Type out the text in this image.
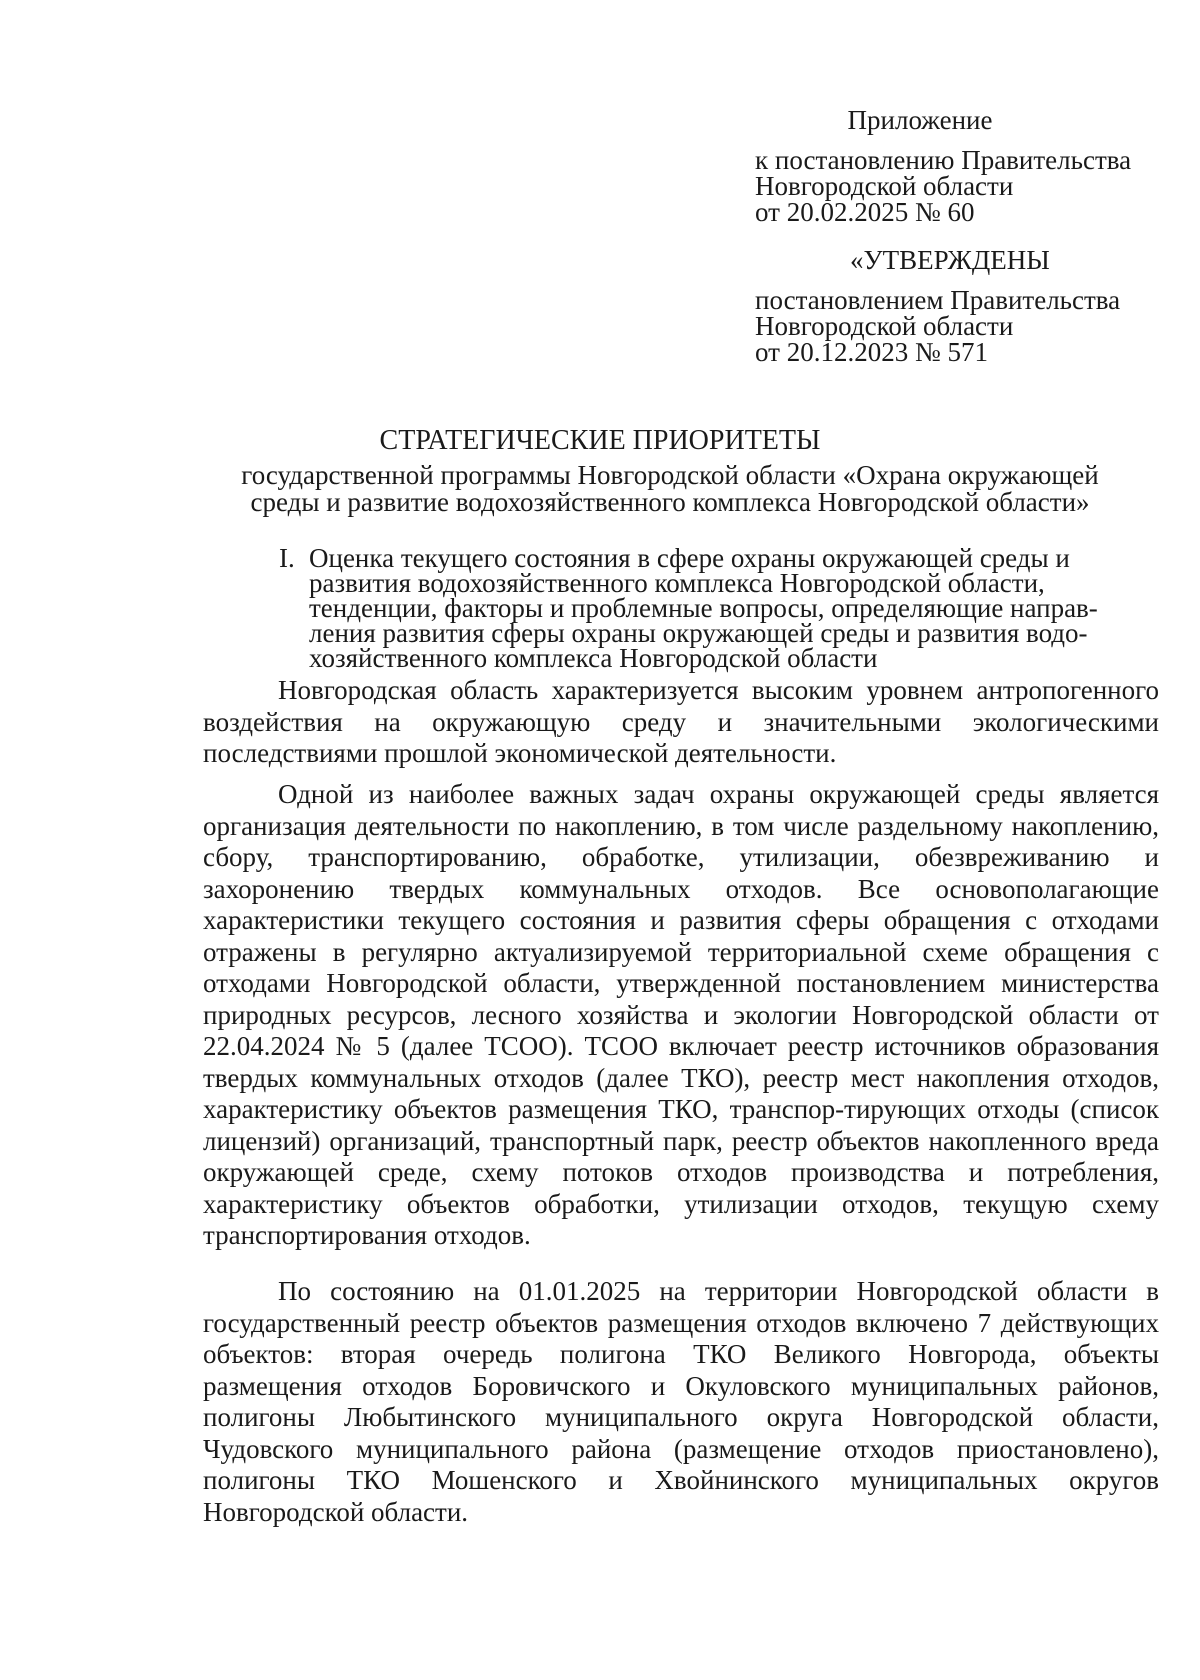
Приложение
к постановлению Правительства
Новгородской области
от 20.02.2025 № 60
«УТВЕРЖДЕНЫ
постановлением Правительства
Новгородской области
от 20.12.2023 № 571
СТРАТЕГИЧЕСКИЕ ПРИОРИТЕТЫ
государственной программы Новгородской области «Охрана окружающей
среды и развитие водохозяйственного комплекса Новгородской области»
I. Оценка текущего состояния в сфере охраны окружающей среды и
развития водохозяйственного комплекса Новгородской области,
тенденции, факторы и проблемные вопросы, определяющие направ-
ления развития сферы охраны окружающей среды и развития водо-
хозяйственного комплекса Новгородской области

Новгородская область характеризуется высоким уровнем антропогенного воздействия на окружающую среду и значительными экологическими последствиями прошлой экономической деятельности.

Одной из наиболее важных задач охраны окружающей среды является организация деятельности по накоплению, в том числе раздельному накоплению, сбору, транспортированию, обработке, утилизации, обезвреживанию и захоронению твердых коммунальных отходов. Все основополагающие характеристики текущего состояния и развития сферы обращения с отходами отражены в регулярно актуализируемой территориальной схеме обращения с отходами Новгородской области, утвержденной постановлением министерства природных ресурсов, лесного хозяйства и экологии Новгородской области от 22.04.2024 № 5 (далее ТСОО). ТСОО включает реестр источников образования твердых коммунальных отходов (далее ТКО), реестр мест накопления отходов, характеристику объектов размещения ТКО, транспор-тирующих отходы (список лицензий) организаций, транспортный парк, реестр объектов накопленного вреда окружающей среде, схему потоков отходов производства и потребления, характеристику объектов обработки, утилизации отходов, текущую схему транспортирования отходов.

По состоянию на 01.01.2025 на территории Новгородской области в государственный реестр объектов размещения отходов включено 7 действующих объектов: вторая очередь полигона ТКО Великого Новгорода, объекты размещения отходов Боровичского и Окуловского муниципальных районов, полигоны Любытинского муниципального округа Новгородской области, Чудовского муниципального района (размещение отходов приостановлено), полигоны ТКО Мошенского и Хвойнинского муниципальных округов Новгородской области.
